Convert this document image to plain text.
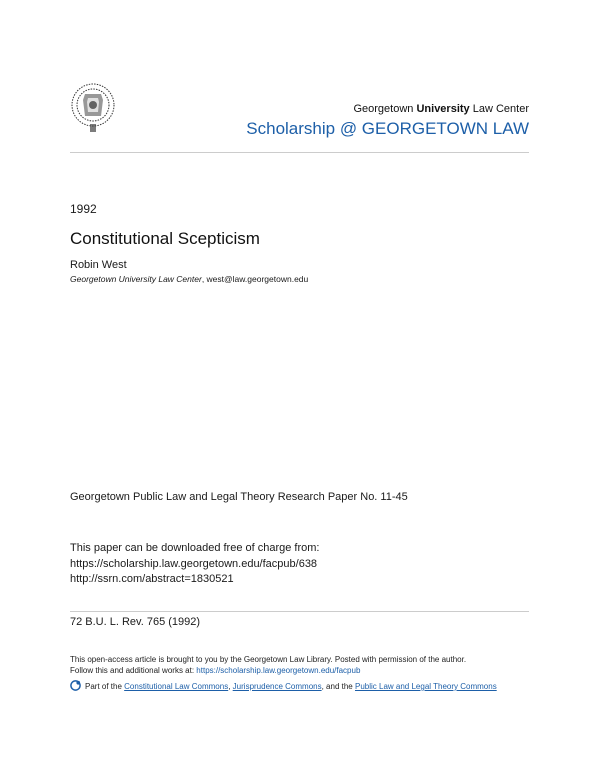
Georgetown University Law Center
Scholarship @ GEORGETOWN LAW
1992
Constitutional Scepticism
Robin West
Georgetown University Law Center, west@law.georgetown.edu
Georgetown Public Law and Legal Theory Research Paper No. 11-45
This paper can be downloaded free of charge from:
https://scholarship.law.georgetown.edu/facpub/638
http://ssrn.com/abstract=1830521
72 B.U. L. Rev. 765 (1992)
This open-access article is brought to you by the Georgetown Law Library. Posted with permission of the author.
Follow this and additional works at: https://scholarship.law.georgetown.edu/facpub
Part of the Constitutional Law Commons, Jurisprudence Commons, and the Public Law and Legal Theory Commons
